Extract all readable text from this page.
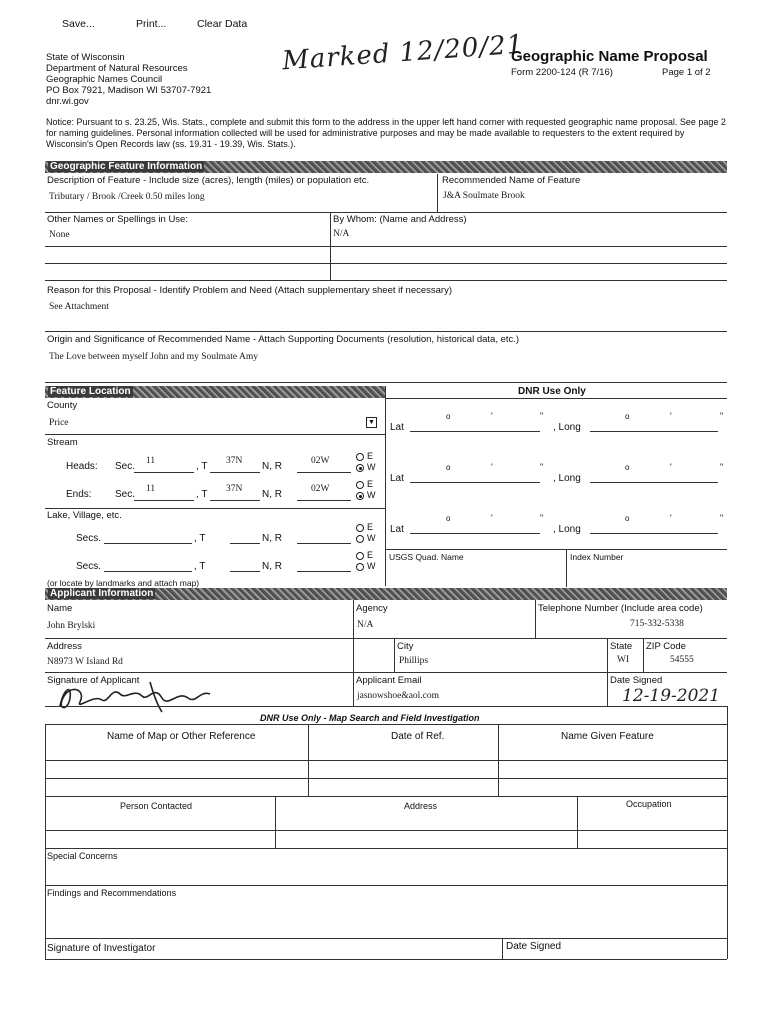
Save...	Print...	Clear Data
State of Wisconsin
Department of Natural Resources
Geographic Names Council
PO Box 7921, Madison WI 53707-7921
dnr.wi.gov
Marked 12/20/21
Geographic Name Proposal
Form 2200-124 (R 7/16)	Page 1 of 2
Notice: Pursuant to s. 23.25, Wis. Stats., complete and submit this form to the address in the upper left hand corner with requested geographic name proposal. See page 2 for naming guidelines. Personal information collected will be used for administrative purposes and may be made available to requesters to the extent required by Wisconsin's Open Records law (ss. 19.31 - 19.39, Wis. Stats.).
Geographic Feature Information
Description of Feature - Include size (acres), length (miles) or population etc.	Recommended Name of Feature
Tributary / Brook /Creek 0.50 miles long	J&A Soulmate Brook
Other Names or Spellings in Use:	By Whom: (Name and Address)
None	N/A
Reason for this Proposal - Identify Problem and Need (Attach supplementary sheet if necessary)
See Attachment
Origin and Significance of Recommended Name - Attach Supporting Documents (resolution, historical data, etc.)
The Love between myself John and my Soulmate Amy
Feature Location	DNR Use Only
County
Price	▼
Stream
Heads: Sec. 11	, T 37N N, R	02W	E
W
Ends: Sec. 11	, T 37N N, R	02W	E
W
Lake, Village, etc.
Secs.	, T	N, R
E
W
Secs.	, T	N, R
E
W
(or locate by landmarks and attach map)
Lat
o	'	"
, Long
o	'	"
Lat
o	'	"
, Long
o	'	"
Lat
o	'	"
, Long
o	'	"
USGS Quad. Name	Index Number
Applicant Information
Name	Agency	Telephone Number (Include area code)
John Brylski	N/A	715-332-5338
Address	City	State ZIP Code
N8973 W Island Rd	Phillips	WI	54555
Signature of Applicant	Applicant Email
jasnowshoe&aol.com
Date Signed
12-19-2021
DNR Use Only - Map Search and Field Investigation
Name of Map or Other Reference	Date of Ref.	Name Given Feature
Person Contacted	Address	Occupation
Special Concerns
Findings and Recommendations
Signature of Investigator	Date Signed
